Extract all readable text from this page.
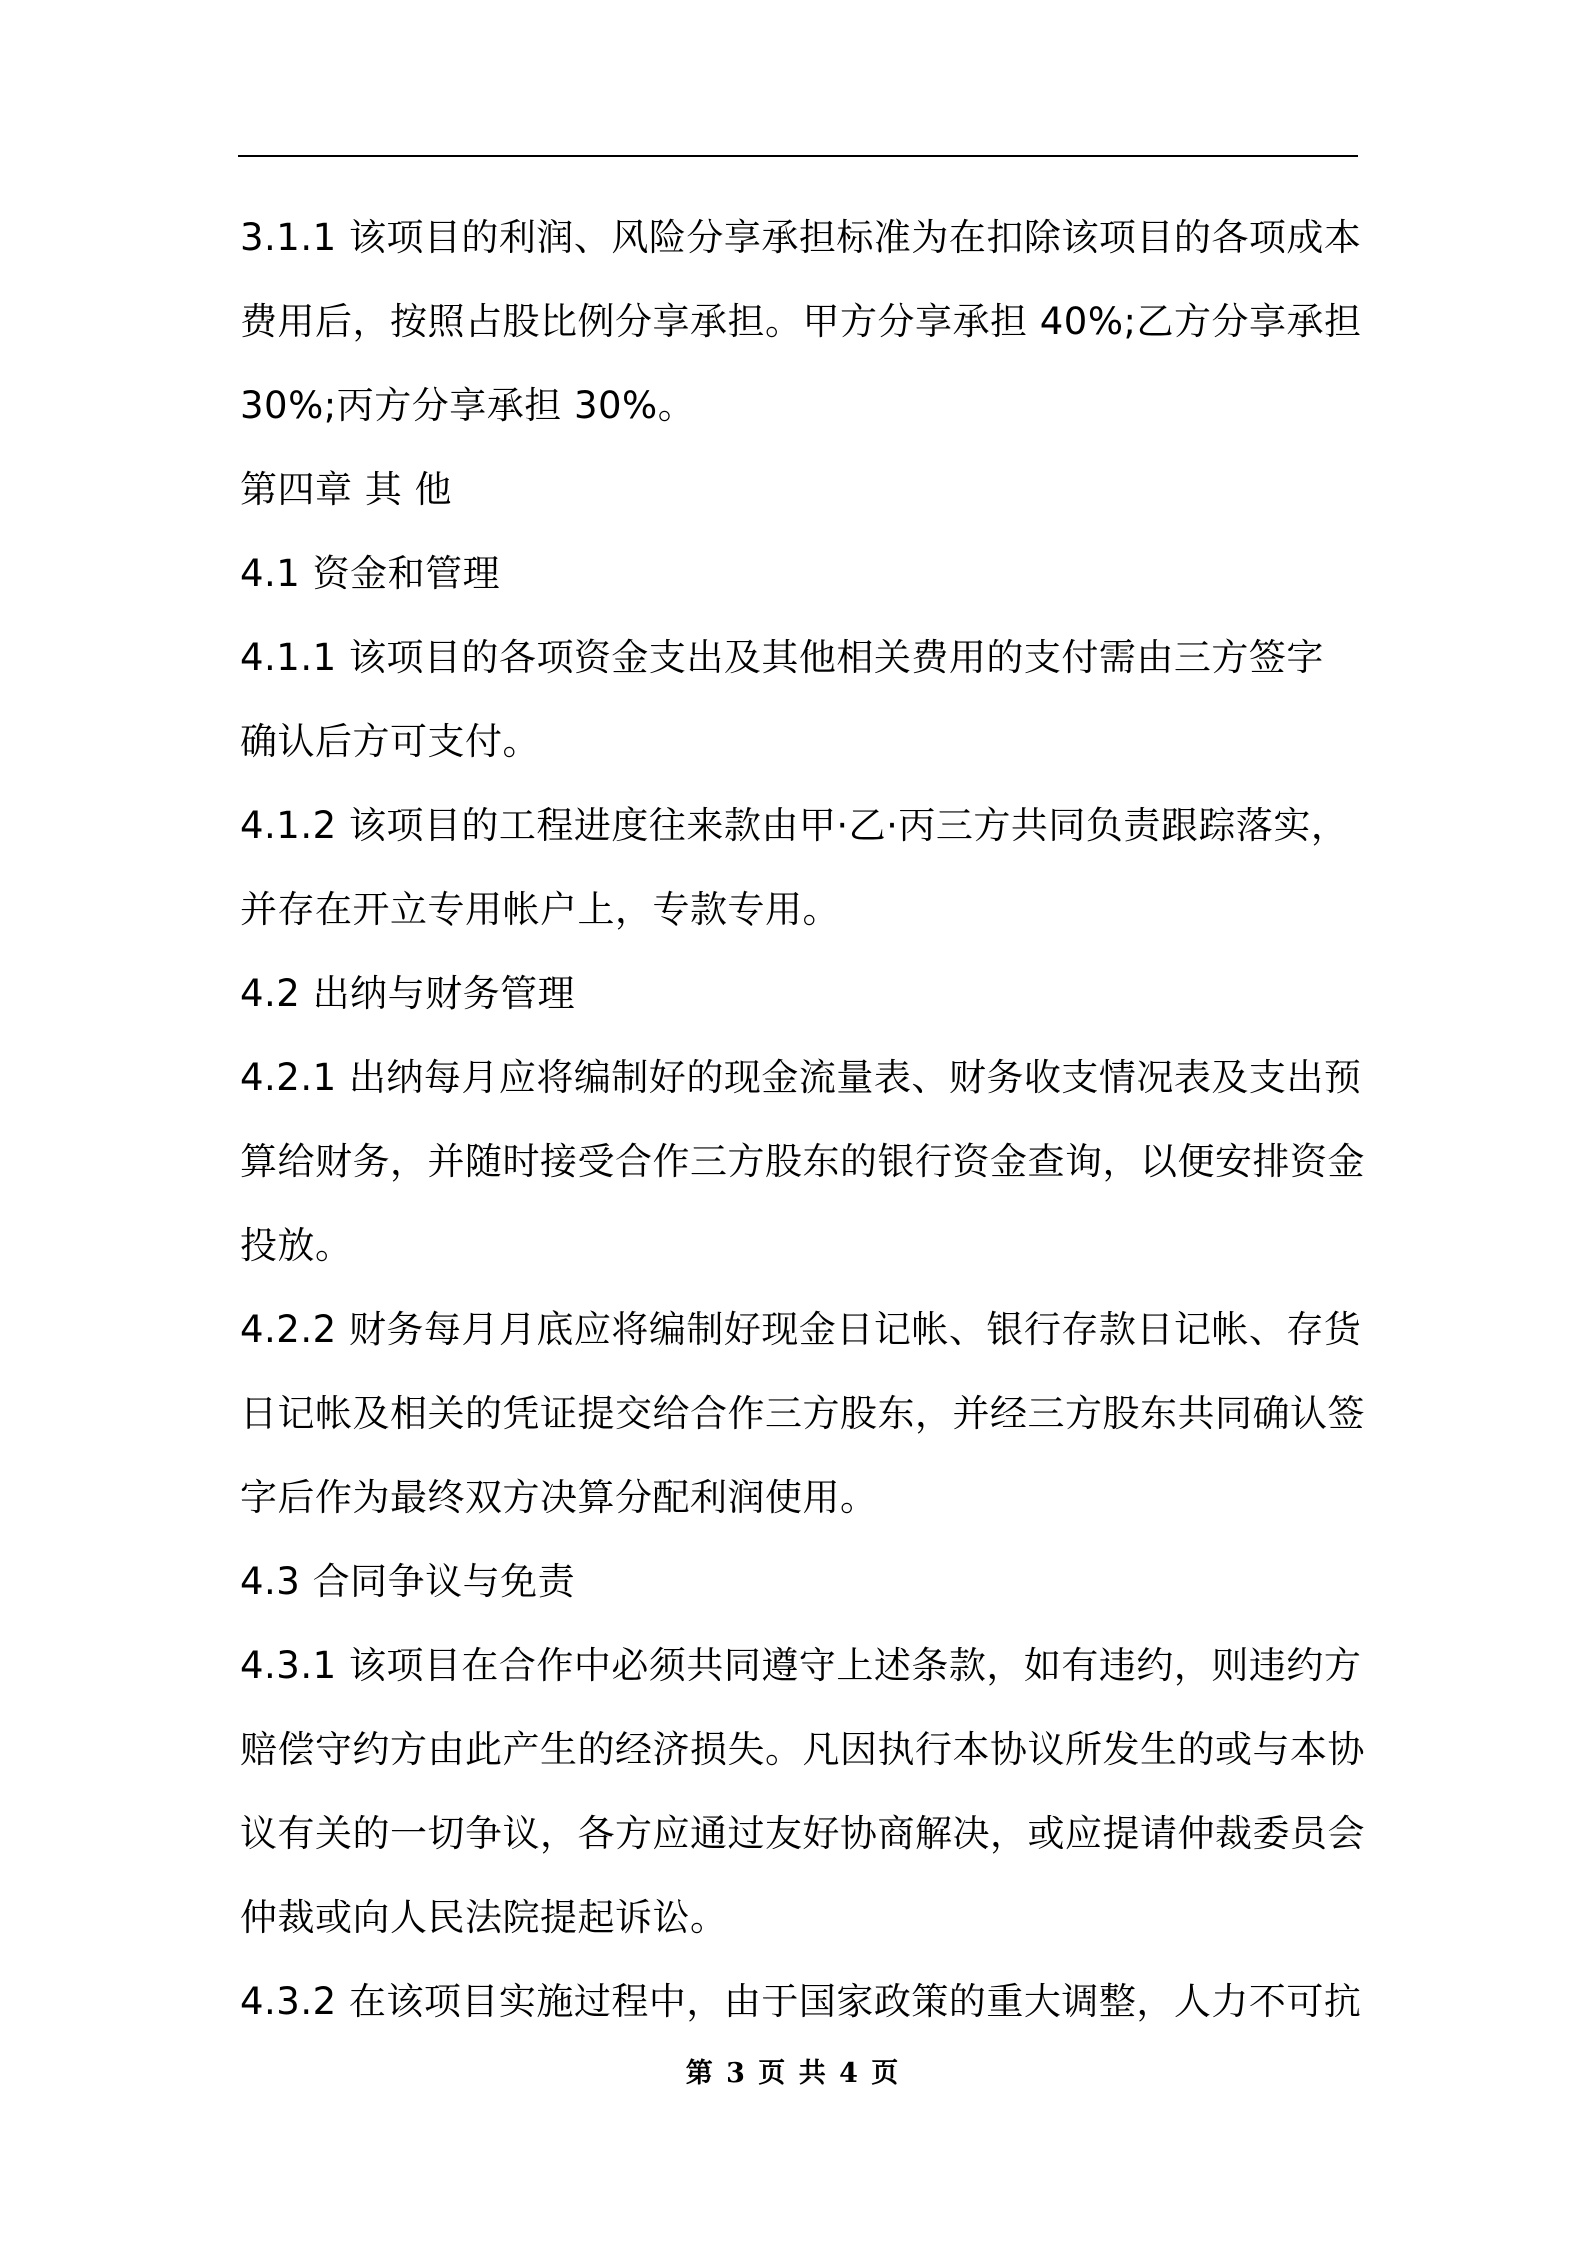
3.1.1 该项目的利润、风险分享承担标准为在扣除该项目的各项成本
费用后，按照占股比例分享承担。甲方分享承担 40%;乙方分享承担
30%;丙方分享承担 30%。
第四章 其 他
4.1 资金和管理
4.1.1 该项目的各项资金支出及其他相关费用的支付需由三方签字
确认后方可支付。
4.1.2 该项目的工程进度往来款由甲·乙·丙三方共同负责跟踪落实，
并存在开立专用帐户上，专款专用。
4.2 出纳与财务管理
4.2.1 出纳每月应将编制好的现金流量表、财务收支情况表及支出预
算给财务，并随时接受合作三方股东的银行资金查询，以便安排资金
投放。
4.2.2 财务每月月底应将编制好现金日记帐、银行存款日记帐、存货
日记帐及相关的凭证提交给合作三方股东，并经三方股东共同确认签
字后作为最终双方决算分配利润使用。
4.3 合同争议与免责
4.3.1 该项目在合作中必须共同遵守上述条款，如有违约，则违约方
赔偿守约方由此产生的经济损失。凡因执行本协议所发生的或与本协
议有关的一切争议，各方应通过友好协商解决，或应提请仲裁委员会
仲裁或向人民法院提起诉讼。
4.3.2 在该项目实施过程中，由于国家政策的重大调整，人力不可抗
第 3 页 共 4 页
